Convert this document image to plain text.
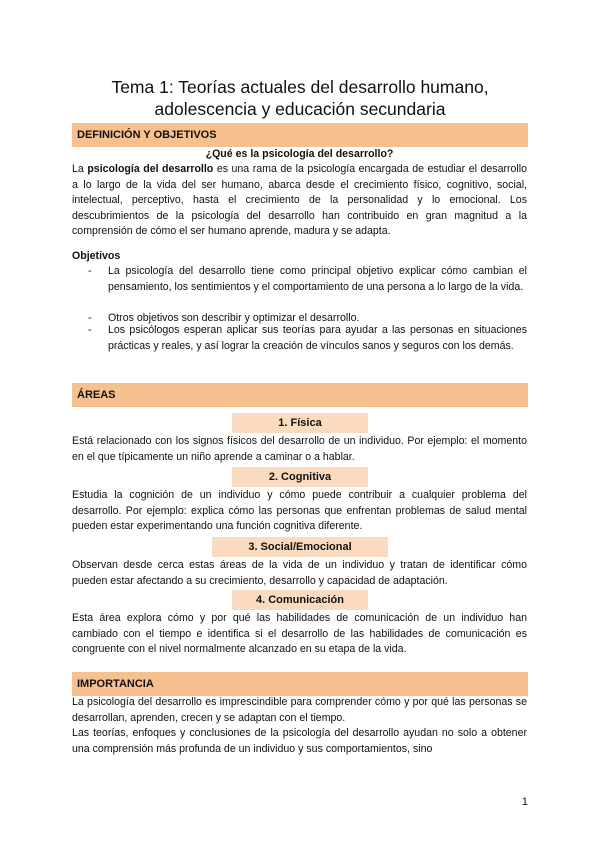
Tema 1: Teorías actuales del desarrollo humano,
adolescencia y educación secundaria
DEFINICIÓN Y OBJETIVOS
¿Qué es la psicología del desarrollo?
La psicología del desarrollo es una rama de la psicología encargada de estudiar el desarrollo a lo largo de la vida del ser humano, abarca desde el crecimiento físico, cognitivo, social, intelectual, perceptivo, hasta el crecimiento de la personalidad y lo emocional. Los descubrimientos de la psicología del desarrollo han contribuido en gran magnitud a la comprensión de cómo el ser humano aprende, madura y se adapta.
Objetivos
- La psicología del desarrollo tiene como principal objetivo explicar cómo cambian el pensamiento, los sentimientos y el comportamiento de una persona a lo largo de la vida.
- Otros objetivos son describir y optimizar el desarrollo.
- Los psicólogos esperan aplicar sus teorías para ayudar a las personas en situaciones prácticas y reales, y así lograr la creación de vínculos sanos y seguros con los demás.
ÁREAS
1. Física
Está relacionado con los signos físicos del desarrollo de un individuo. Por ejemplo: el momento en el que típicamente un niño aprende a caminar o a hablar.
2. Cognitiva
Estudia la cognición de un individuo y cómo puede contribuir a cualquier problema del desarrollo. Por ejemplo: explica cómo las personas que enfrentan problemas de salud mental pueden estar experimentando una función cognitiva diferente.
3. Social/Emocional
Observan desde cerca estas áreas de la vida de un individuo y tratan de identificar cómo pueden estar afectando a su crecimiento, desarrollo y capacidad de adaptación.
4. Comunicación
Esta área explora cómo y por qué las habilidades de comunicación de un individuo han cambiado con el tiempo e identifica si el desarrollo de las habilidades de comunicación es congruente con el nivel normalmente alcanzado en su etapa de la vida.
IMPORTANCIA
La psicología del desarrollo es imprescindible para comprender cómo y por qué las personas se desarrollan, aprenden, crecen y se adaptan con el tiempo.
Las teorías, enfoques y conclusiones de la psicología del desarrollo ayudan no solo a obtener una comprensión más profunda de un individuo y sus comportamientos, sino
1
